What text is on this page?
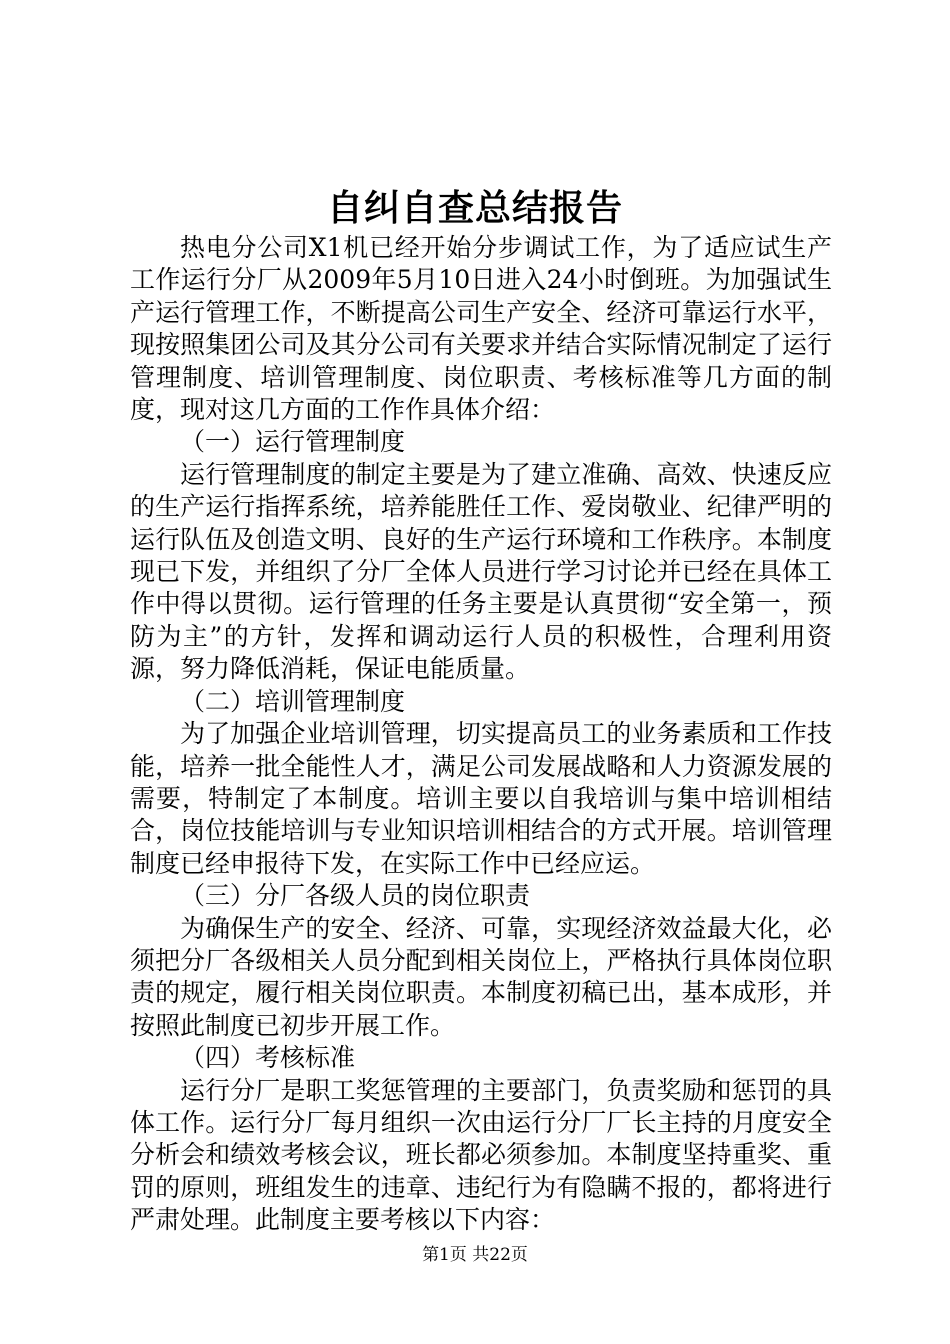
自纠自查总结报告

热电分公司X1机已经开始分步调试工作，为了适应试生产工作运行分厂从2009年5月10日进入24小时倒班。为加强试生产运行管理工作，不断提高公司生产安全、经济可靠运行水平，现按照集团公司及其分公司有关要求并结合实际情况制定了运行管理制度、培训管理制度、岗位职责、考核标准等几方面的制度，现对这几方面的工作作具体介绍：

（一）运行管理制度

运行管理制度的制定主要是为了建立准确、高效、快速反应的生产运行指挥系统，培养能胜任工作、爱岗敬业、纪律严明的运行队伍及创造文明、良好的生产运行环境和工作秩序。本制度现已下发，并组织了分厂全体人员进行学习讨论并已经在具体工作中得以贯彻。运行管理的任务主要是认真贯彻“安全第一，预防为主”的方针，发挥和调动运行人员的积极性，合理利用资源，努力降低消耗，保证电能质量。

（二）培训管理制度

为了加强企业培训管理，切实提高员工的业务素质和工作技能，培养一批全能性人才，满足公司发展战略和人力资源发展的需要，特制定了本制度。培训主要以自我培训与集中培训相结合，岗位技能培训与专业知识培训相结合的方式开展。培训管理制度已经申报待下发，在实际工作中已经应运。

（三）分厂各级人员的岗位职责

为确保生产的安全、经济、可靠，实现经济效益最大化，必须把分厂各级相关人员分配到相关岗位上，严格执行具体岗位职责的规定，履行相关岗位职责。本制度初稿已出，基本成形，并按照此制度已初步开展工作。

（四）考核标准

运行分厂是职工奖惩管理的主要部门，负责奖励和惩罚的具体工作。运行分厂每月组织一次由运行分厂厂长主持的月度安全分析会和绩效考核会议，班长都必须参加。本制度坚持重奖、重罚的原则，班组发生的违章、违纪行为有隐瞒不报的，都将进行严肃处理。此制度主要考核以下内容：

第1页 共22页
